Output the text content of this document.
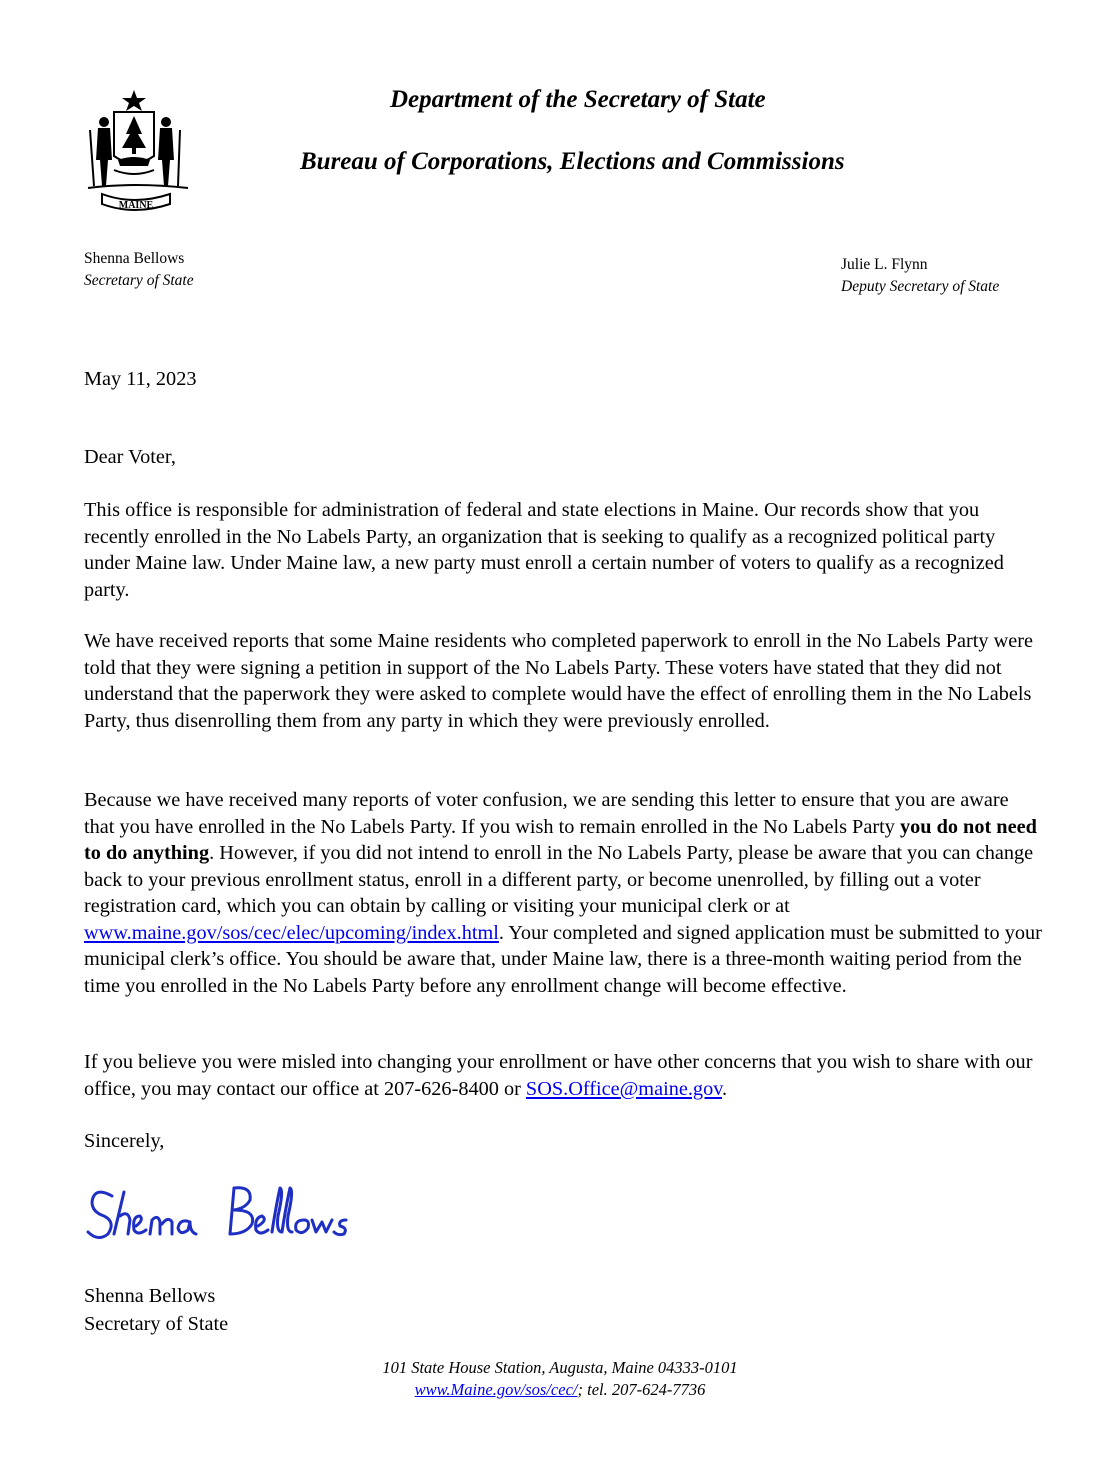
MAINE
Department of the Secretary of State
Bureau of Corporations, Elections and Commissions
Shenna Bellows
Secretary of State
Julie L. Flynn
Deputy Secretary of State
May 11, 2023
Dear Voter,

This office is responsible for administration of federal and state elections in Maine. Our records show that you recently enrolled in the No Labels Party, an organization that is seeking to qualify as a recognized political party under Maine law. Under Maine law, a new party must enroll a certain number of voters to qualify as a recognized party.

We have received reports that some Maine residents who completed paperwork to enroll in the No Labels Party were told that they were signing a petition in support of the No Labels Party. These voters have stated that they did not understand that the paperwork they were asked to complete would have the effect of enrolling them in the No Labels Party, thus disenrolling them from any party in which they were previously enrolled.

Because we have received many reports of voter confusion, we are sending this letter to ensure that you are aware that you have enrolled in the No Labels Party. If you wish to remain enrolled in the No Labels Party you do not need to do anything. However, if you did not intend to enroll in the No Labels Party, please be aware that you can change back to your previous enrollment status, enroll in a different party, or become unenrolled, by filling out a voter registration card, which you can obtain by calling or visiting your municipal clerk or at www.maine.gov/sos/cec/elec/upcoming/index.html. Your completed and signed application must be submitted to your municipal clerk’s office. You should be aware that, under Maine law, there is a three-month waiting period from the time you enrolled in the No Labels Party before any enrollment change will become effective.

If you believe you were misled into changing your enrollment or have other concerns that you wish to share with our office, you may contact our office at 207-626-8400 or SOS.Office@maine.gov.

Sincerely,
Shenna Bellows
Secretary of State
101 State House Station, Augusta, Maine 04333-0101
www.Maine.gov/sos/cec/; tel. 207-624-7736
